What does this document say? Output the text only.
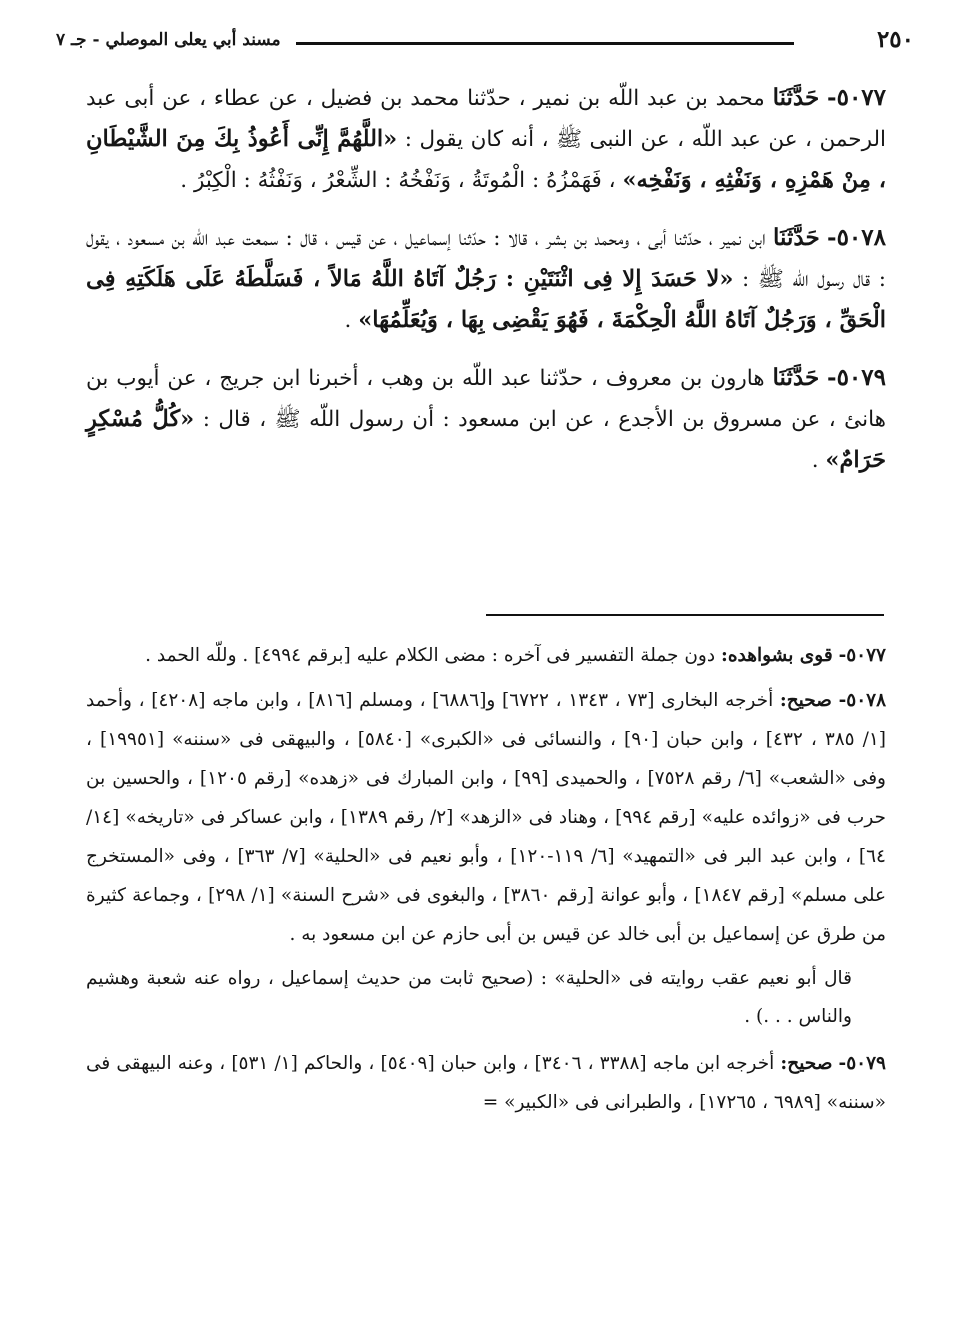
٢٥٠
مسند أبي يعلى الموصلي - جـ ٧

٥٠٧٧- حَدَّثَنَا محمد بن عبد اللّه بن نمير ، حدّثنا محمد بن فضيل ، عن عطاء ، عن أبى عبد الرحمن ، عن عبد اللّه ، عن النبى ﷺ ، أنه كان يقول : «اللَّهُمَّ إِنِّى أَعُوذُ بِكَ مِنَ الشَّيْطَانِ ، مِنْ هَمْزِهِ ، وَنَفْثِهِ ، وَنَفْخِه» ، فَهَمْزُهُ : الْمُوتَةُ ، وَنَفْخُهُ : الشِّعْرُ ، وَنَفْثُهُ : الْكِبْرُ .

٥٠٧٨- حَدَّثَنَا ابن نمير ، حدّثنا أبى ، ومحمد بن بشر ، قالا : حدّثنا إسماعيل ، عن قيس ، قال : سمعت عبد اللّه بن مسعود ، يقول : قال رسول اللّه ﷺ : «لا حَسَدَ إِلا فِى اثْنَتَيْنِ : رَجُلٌ آتَاهُ اللَّهُ مَالاً ، فَسَلَّطَهُ عَلَى هَلَكَتِهِ فِى الْحَقِّ ، وَرَجُلٌ آتَاهُ اللَّهُ الْحِكْمَةَ ، فَهُوَ يَقْضِى بِهَا ، وَيُعَلِّمُهَا» .

٥٠٧٩- حَدَّثَنَا هارون بن معروف ، حدّثنا عبد اللّه بن وهب ، أخبرنا ابن جريج ، عن أيوب بن هانئ ، عن مسروق بن الأجدع ، عن ابن مسعود : أن رسول اللّه ﷺ ، قال : «كُلُّ مُسْكِرٍ حَرَامٌ» .

٥٠٧٧- قوى بشواهده: دون جملة التفسير فى آخره : مضى الكلام عليه [برقم ٤٩٩٤] . وللّه الحمد .

٥٠٧٨- صحيح: أخرجه البخارى [٧٣ ، ١٣٤٣ ، ٦٧٢٢] و[٦٨٨٦] ، ومسلم [٨١٦] ، وابن ماجه [٤٢٠٨] ، وأحمد [١/ ٣٨٥ ، ٤٣٢] ، وابن حبان [٩٠] ، والنسائى فى «الكبرى» [٥٨٤٠] ، والبيهقى فى «سننه» [١٩٩٥١] ، وفى «الشعب» [٦/ رقم ٧٥٢٨] ، والحميدى [٩٩] ، وابن المبارك فى «زهده» [رقم ١٢٠٥] ، والحسين بن حرب فى «زوائده عليه» [رقم ٩٩٤] ، وهناد فى «الزهد» [٢/ رقم ١٣٨٩] ، وابن عساكر فى «تاريخه» [١٤/ ٦٤] ، وابن عبد البر فى «التمهيد» [٦/ ١١٩-١٢٠] ، وأبو نعيم فى «الحلية» [٧/ ٣٦٣] ، وفى «المستخرج على مسلم» [رقم ١٨٤٧] ، وأبو عوانة [رقم ٣٨٦٠] ، والبغوى فى «شرح السنة» [١/ ٢٩٨] ، وجماعة كثيرة من طرق عن إسماعيل بن أبى خالد عن قيس بن أبى حازم عن ابن مسعود به .

قال أبو نعيم عقب روايته فى «الحلية» : (صحيح ثابت من حديث إسماعيل ، رواه عنه شعبة وهشيم والناس . . .) .

٥٠٧٩- صحيح: أخرجه ابن ماجه [٣٣٨٨ ، ٣٤٠٦] ، وابن حبان [٥٤٠٩] ، والحاكم [١/ ٥٣١] ، وعنه البيهقى فى «سننه» [٦٩٨٩ ، ١٧٢٦٥] ، والطبرانى فى «الكبير» =
